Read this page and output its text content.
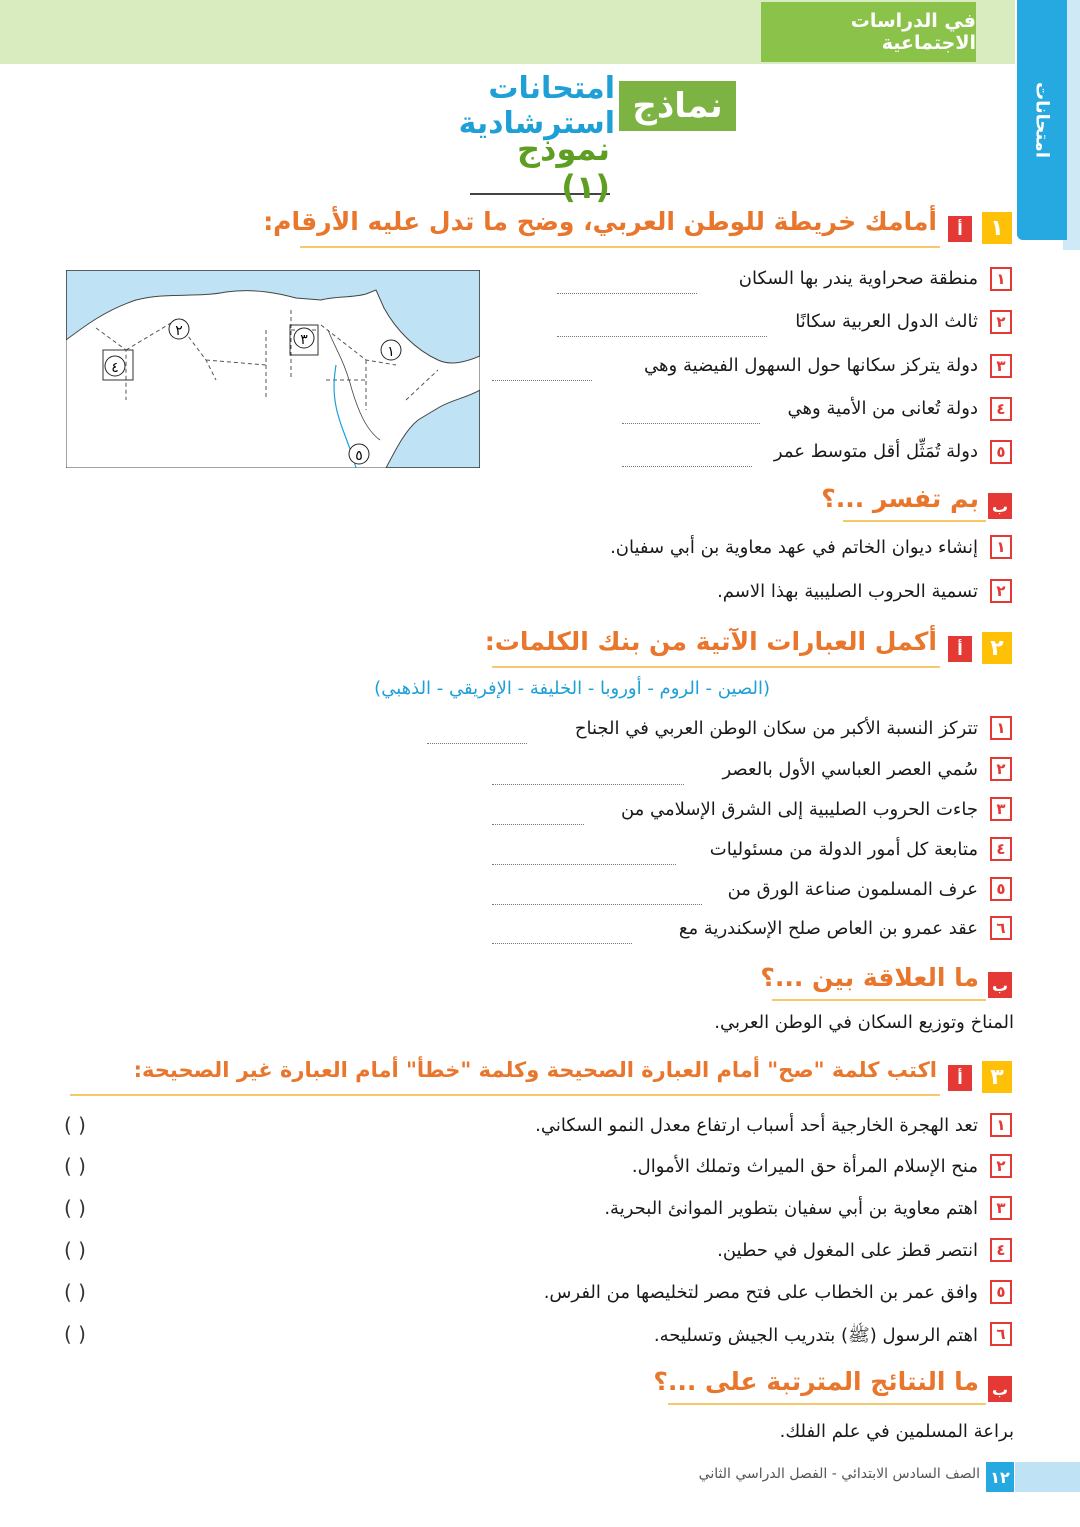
في الدراسات الاجتماعية
امتحانات
نماذج
امتحانات استرشادية
نموذج (١)
١
أ
أمامك خريطة للوطن العربي، وضح ما تدل عليه الأرقام:
٢
٣
١
٤
٥
١
منطقة صحراوية يندر بها السكان
٢
ثالث الدول العربية سكانًا
٣
دولة يتركز سكانها حول السهول الفيضية وهي
٤
دولة تُعانى من الأمية وهي
٥
دولة تُمَثِّل أقل متوسط عمر
ب
بم تفسر ...؟
١
إنشاء ديوان الخاتم في عهد معاوية بن أبي سفيان.
٢
تسمية الحروب الصليبية بهذا الاسم.
٢
أ
أكمل العبارات الآتية من بنك الكلمات:
(الصين - الروم - أوروبا - الخليفة - الإفريقي - الذهبي)
١
تتركز النسبة الأكبر من سكان الوطن العربي في الجناح
٢
سُمي العصر العباسي الأول بالعصر
٣
جاءت الحروب الصليبية إلى الشرق الإسلامي من
٤
متابعة كل أمور الدولة من مسئوليات
٥
عرف المسلمون صناعة الورق من
٦
عقد عمرو بن العاص صلح الإسكندرية مع
ب
ما العلاقة بين ...؟
المناخ وتوزيع السكان في الوطن العربي.
٣
أ
اكتب كلمة "صح" أمام العبارة الصحيحة وكلمة "خطأ" أمام العبارة غير الصحيحة:
١
تعد الهجرة الخارجية أحد أسباب ارتفاع معدل النمو السكاني.
( )
٢
منح الإسلام المرأة حق الميراث وتملك الأموال.
( )
٣
اهتم معاوية بن أبي سفيان بتطوير الموانئ البحرية.
( )
٤
انتصر قطز على المغول في حطين.
( )
٥
وافق عمر بن الخطاب على فتح مصر لتخليصها من الفرس.
( )
٦
اهتم الرسول (ﷺ) بتدريب الجيش وتسليحه.
( )
ب
ما النتائج المترتبة على ...؟
براعة المسلمين في علم الفلك.
١٢
الصف السادس الابتدائي - الفصل الدراسي الثاني
